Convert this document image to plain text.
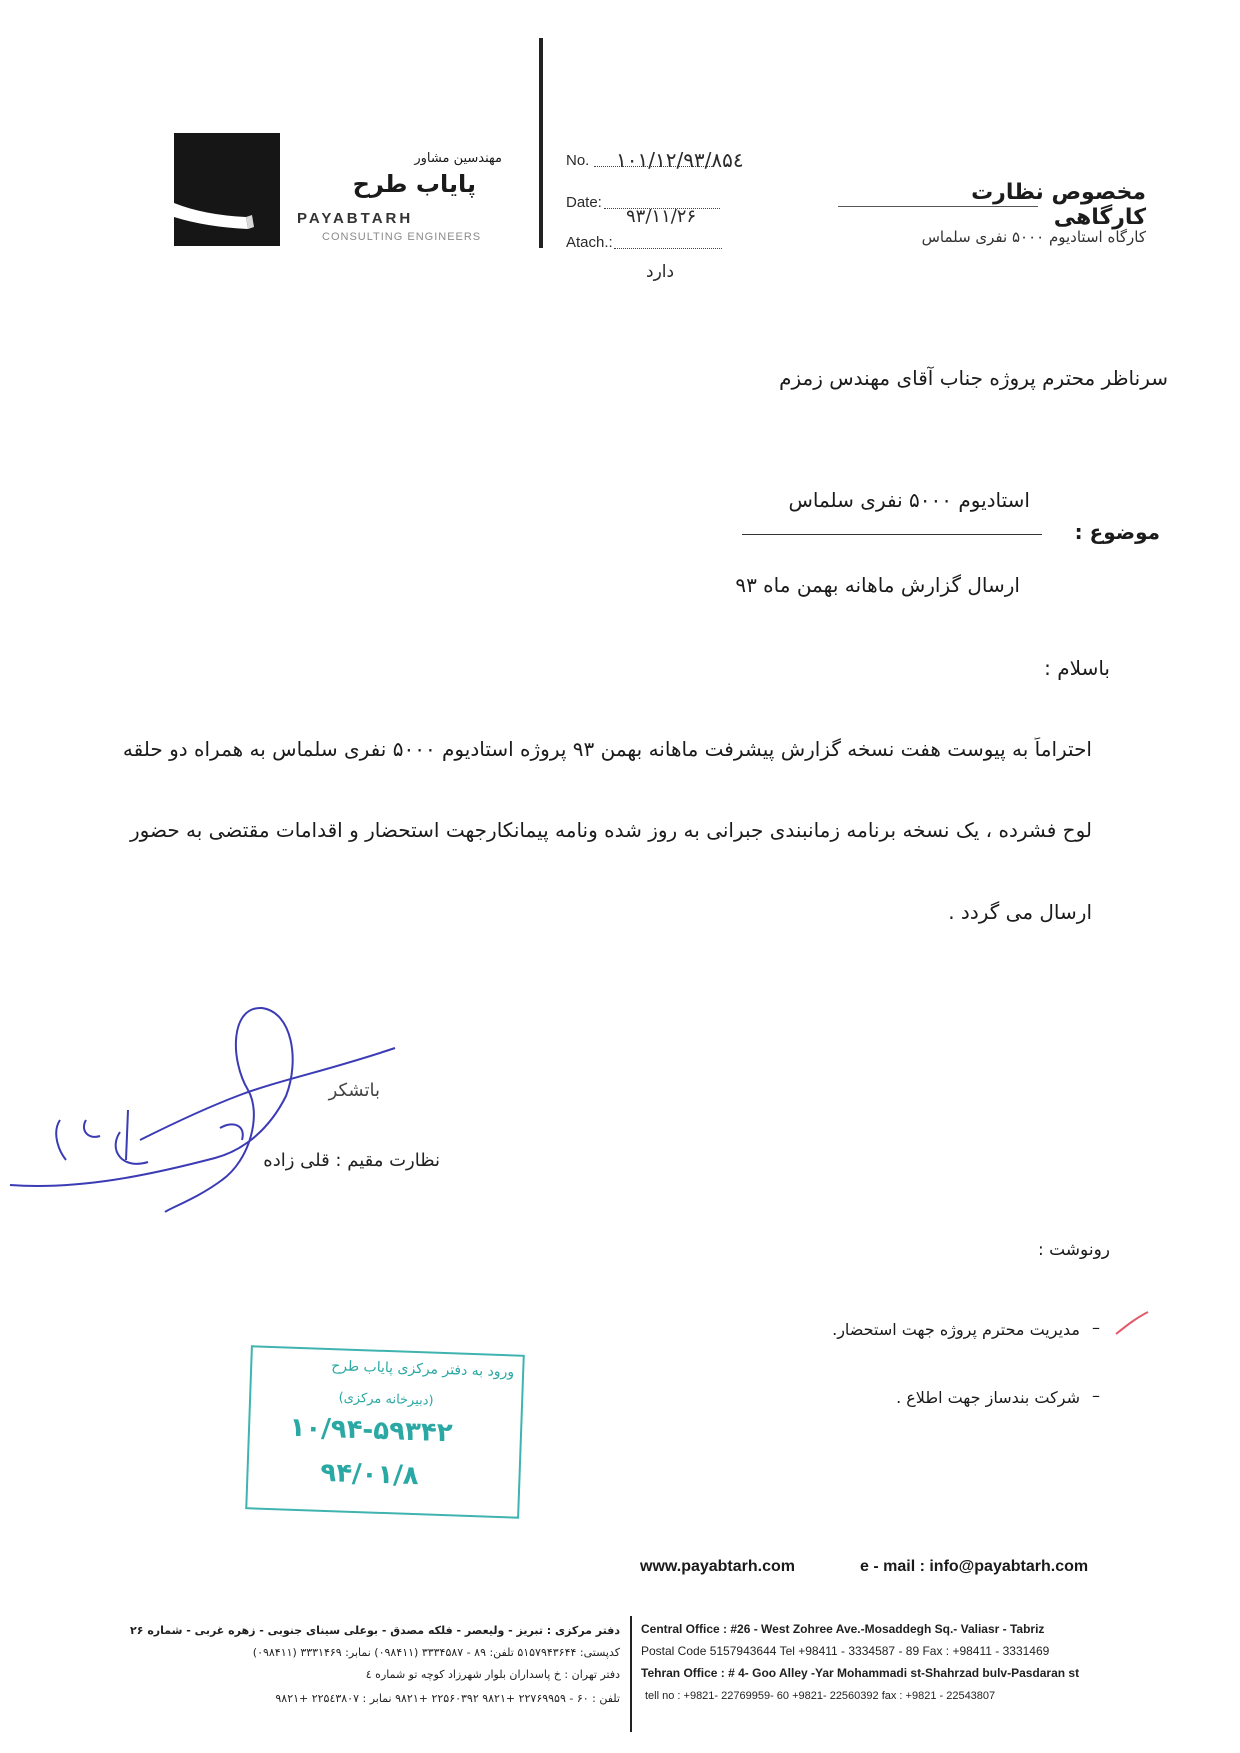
مهندسین مشاور
پایاب طرح
PAYABTARH
CONSULTING ENGINEERS
No. ۱۰۱/۱۲/۹۳/۸۵٤
Date:
۹۳/۱۱/۲۶
Atach.:
دارد
مخصوص نظارت کارگاهی
کارگاه استادیوم ۵۰۰۰ نفری سلماس
سرناظر محترم پروژه جناب آقای مهندس زمزم
استادیوم ۵۰۰۰ نفری سلماس
موضوع :
ارسال گزارش ماهانه بهمن ماه ۹۳
باسلام :
احتراماً به پیوست هفت نسخه گزارش پیشرفت ماهانه بهمن ۹۳ پروژه استادیوم ۵۰۰۰ نفری سلماس به همراه دو حلقه
لوح فشرده ، یک نسخه برنامه زمانبندی جبرانی به روز شده ونامه پیمانکارجهت استحضار و اقدامات مقتضی به حضور
ارسال می گردد .
باتشکر
نظارت مقیم : قلی زاده
رونوشت :
مدیریت محترم پروژه جهت استحضار. –
شرکت بندساز جهت اطلاع . –
ورود به دفتر مرکزی پایاب طرح
(دبیرخانه مرکزی)
۱۰/۹۴-۵۹۳۴۲
۹۴/۰۱/۸
www.payabtarh.com	e - mail : info@payabtarh.com
Central Office : #26 - West Zohree Ave.-Mosaddegh Sq.- Valiasr - Tabriz
Postal Code 5157943644 Tel +98411 - 3334587 - 89 Fax : +98411 - 3331469
Tehran Office : # 4- Goo Alley -Yar Mohammadi st-Shahrzad bulv-Pasdaran st
tell no : +9821- 22769959- 60 +9821- 22560392 fax : +9821 - 22543807
دفتر مرکزی : تبریز - ولیعصر - فلکه مصدق - بوعلی سینای جنوبی - زهره غربی - شماره ۲۶
کدپستی: ۵۱۵۷۹۴۳۶۴۴ تلفن: ۸۹ - ۳۳۳۴۵۸۷ (۰۹۸۴۱۱) نمابر: ۳۳۳۱۴۶۹ (۰۹۸۴۱۱)
دفتر تهران : خ پاسداران بلوار شهرزاد کوچه تو شماره ٤
تلفن : ۶۰ - ۲۲۷۶۹۹۵۹ +۹۸۲۱ ۲۲۵۶۰۳۹۲ +۹۸۲۱ نمابر : ۲۲۵٤۳۸۰۷ +۹۸۲۱
